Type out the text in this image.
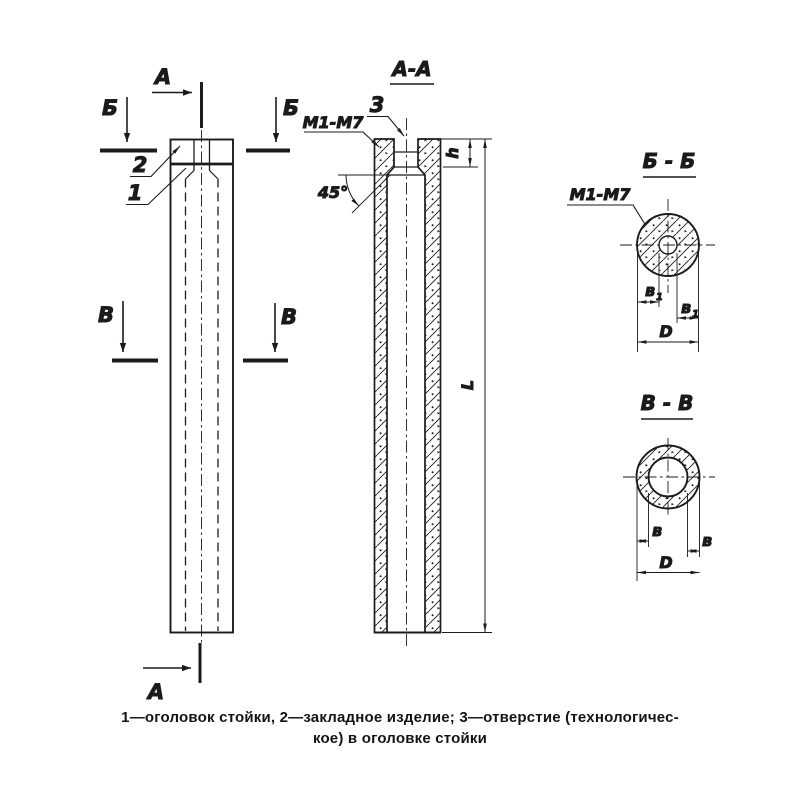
А
А
Б	Б
В	В
2
1
А-А
3
М1-М7
45°
h
L
Б - Б
М1-М7
в 1
в 1
D
В - В
в
в
D
1—оголовок стойки, 2—закладное изделие; 3—отверстие (технологичес-
кое) в оголовке стойки
